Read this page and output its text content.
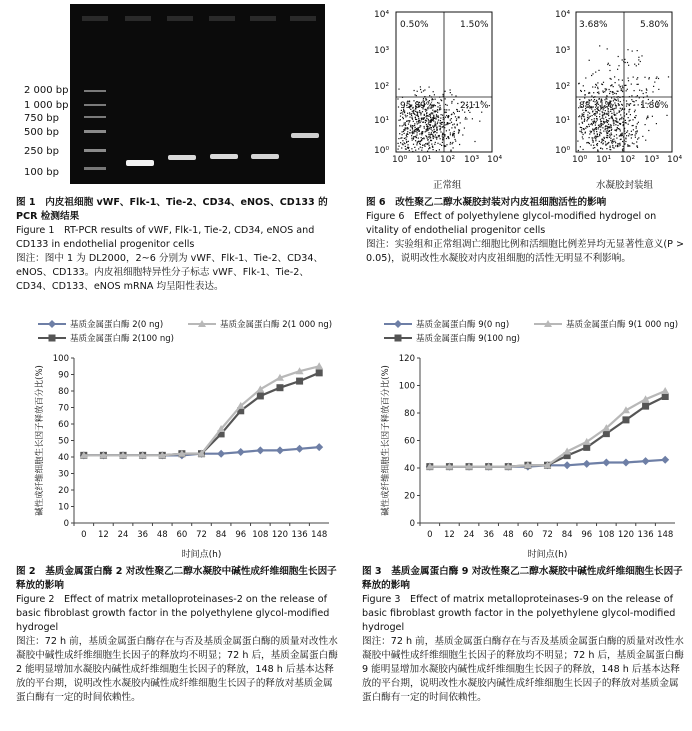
2 000 bp
1 000 bp
750 bp
500 bp
250 bp
100 bp
图 1　内皮祖细胞 vWF、Flk-1、Tie-2、CD34、eNOS、CD133 的 PCR 检测结果
Figure 1　RT-PCR results of vWF, Flk-1, Tie-2, CD34, eNOS and CD133 in endothelial progenitor cells
图注：图中 1 为 DL2000，2~6 分别为 vWF、Flk-1、Tie-2、CD34、eNOS、CD133。内皮祖细胞特异性分子标志 vWF、Flk-1、Tie-2、CD34、CD133、eNOS mRNA 均呈阳性表达。
0.50%	1.50%
95.89%	2.11%
3.68%	5.80%
88.71%	1.80%
10⁴
10³
10²
10¹
10⁰
10⁰ 10¹ 10² 10³ 10⁴
10⁴
10³
10²
10¹
10⁰
10⁰ 10¹ 10² 10³ 10⁴
正常组	水凝胶封装组
图 6　改性聚乙二醇水凝胶封装对内皮祖细胞活性的影响
Figure 6　Effect of polyethylene glycol-modified hydrogel on vitality of endothelial progenitor cells
图注：实验组和正常组凋亡细胞比例和活细胞比例差异均无显著性意义(P > 0.05)，说明改性水凝胶对内皮祖细胞的活性无明显不利影响。
基质金属蛋白酶 2(0 ng)	基质金属蛋白酶 2(1 000 ng)
基质金属蛋白酶 2(100 ng)
0
10
20
30
40
50
60
70
80
90
100
0 12 24 36 48 60 72 84 96 108 120 136 148
时间点(h)
碱性成纤维细胞生长因子释放百分比(%)
图 2　基质金属蛋白酶 2 对改性聚乙二醇水凝胶中碱性成纤维细胞生长因子释放的影响
Figure 2　Effect of matrix metalloproteinases-2 on the release of basic fibroblast growth factor in the polyethylene glycol-modified hydrogel
图注：72 h 前，基质金属蛋白酶存在与否及基质金属蛋白酶的质量对改性水凝胶中碱性成纤维细胞生长因子的释放均不明显；72 h 后，基质金属蛋白酶 2 能明显增加水凝胶内碱性成纤维细胞生长因子的释放，148 h 后基本达释放的平台期，说明改性水凝胶内碱性成纤维细胞生长因子的释放对基质金属蛋白酶有一定的时间依赖性。
基质金属蛋白酶 9(0 ng)	基质金属蛋白酶 9(1 000 ng)
基质金属蛋白酶 9(100 ng)
0
20
40
60
80
100
120
0 12 24 36 48 60 72 84 96 108 120 136 148
时间点(h)
碱性成纤维细胞生长因子释放百分比(%)
图 3　基质金属蛋白酶 9 对改性聚乙二醇水凝胶中碱性成纤维细胞生长因子释放的影响
Figure 3　Effect of matrix metalloproteinases-9 on the release of basic fibroblast growth factor in the polyethylene glycol-modified hydrogel
图注：72 h 前，基质金属蛋白酶存在与否及基质金属蛋白酶的质量对改性水凝胶中碱性成纤维细胞生长因子的释放均不明显；72 h 后，基质金属蛋白酶 9 能明显增加水凝胶内碱性成纤维细胞生长因子的释放，148 h 后基本达释放的平台期，说明改性水凝胶内碱性成纤维细胞生长因子的释放对基质金属蛋白酶有一定的时间依赖性。
